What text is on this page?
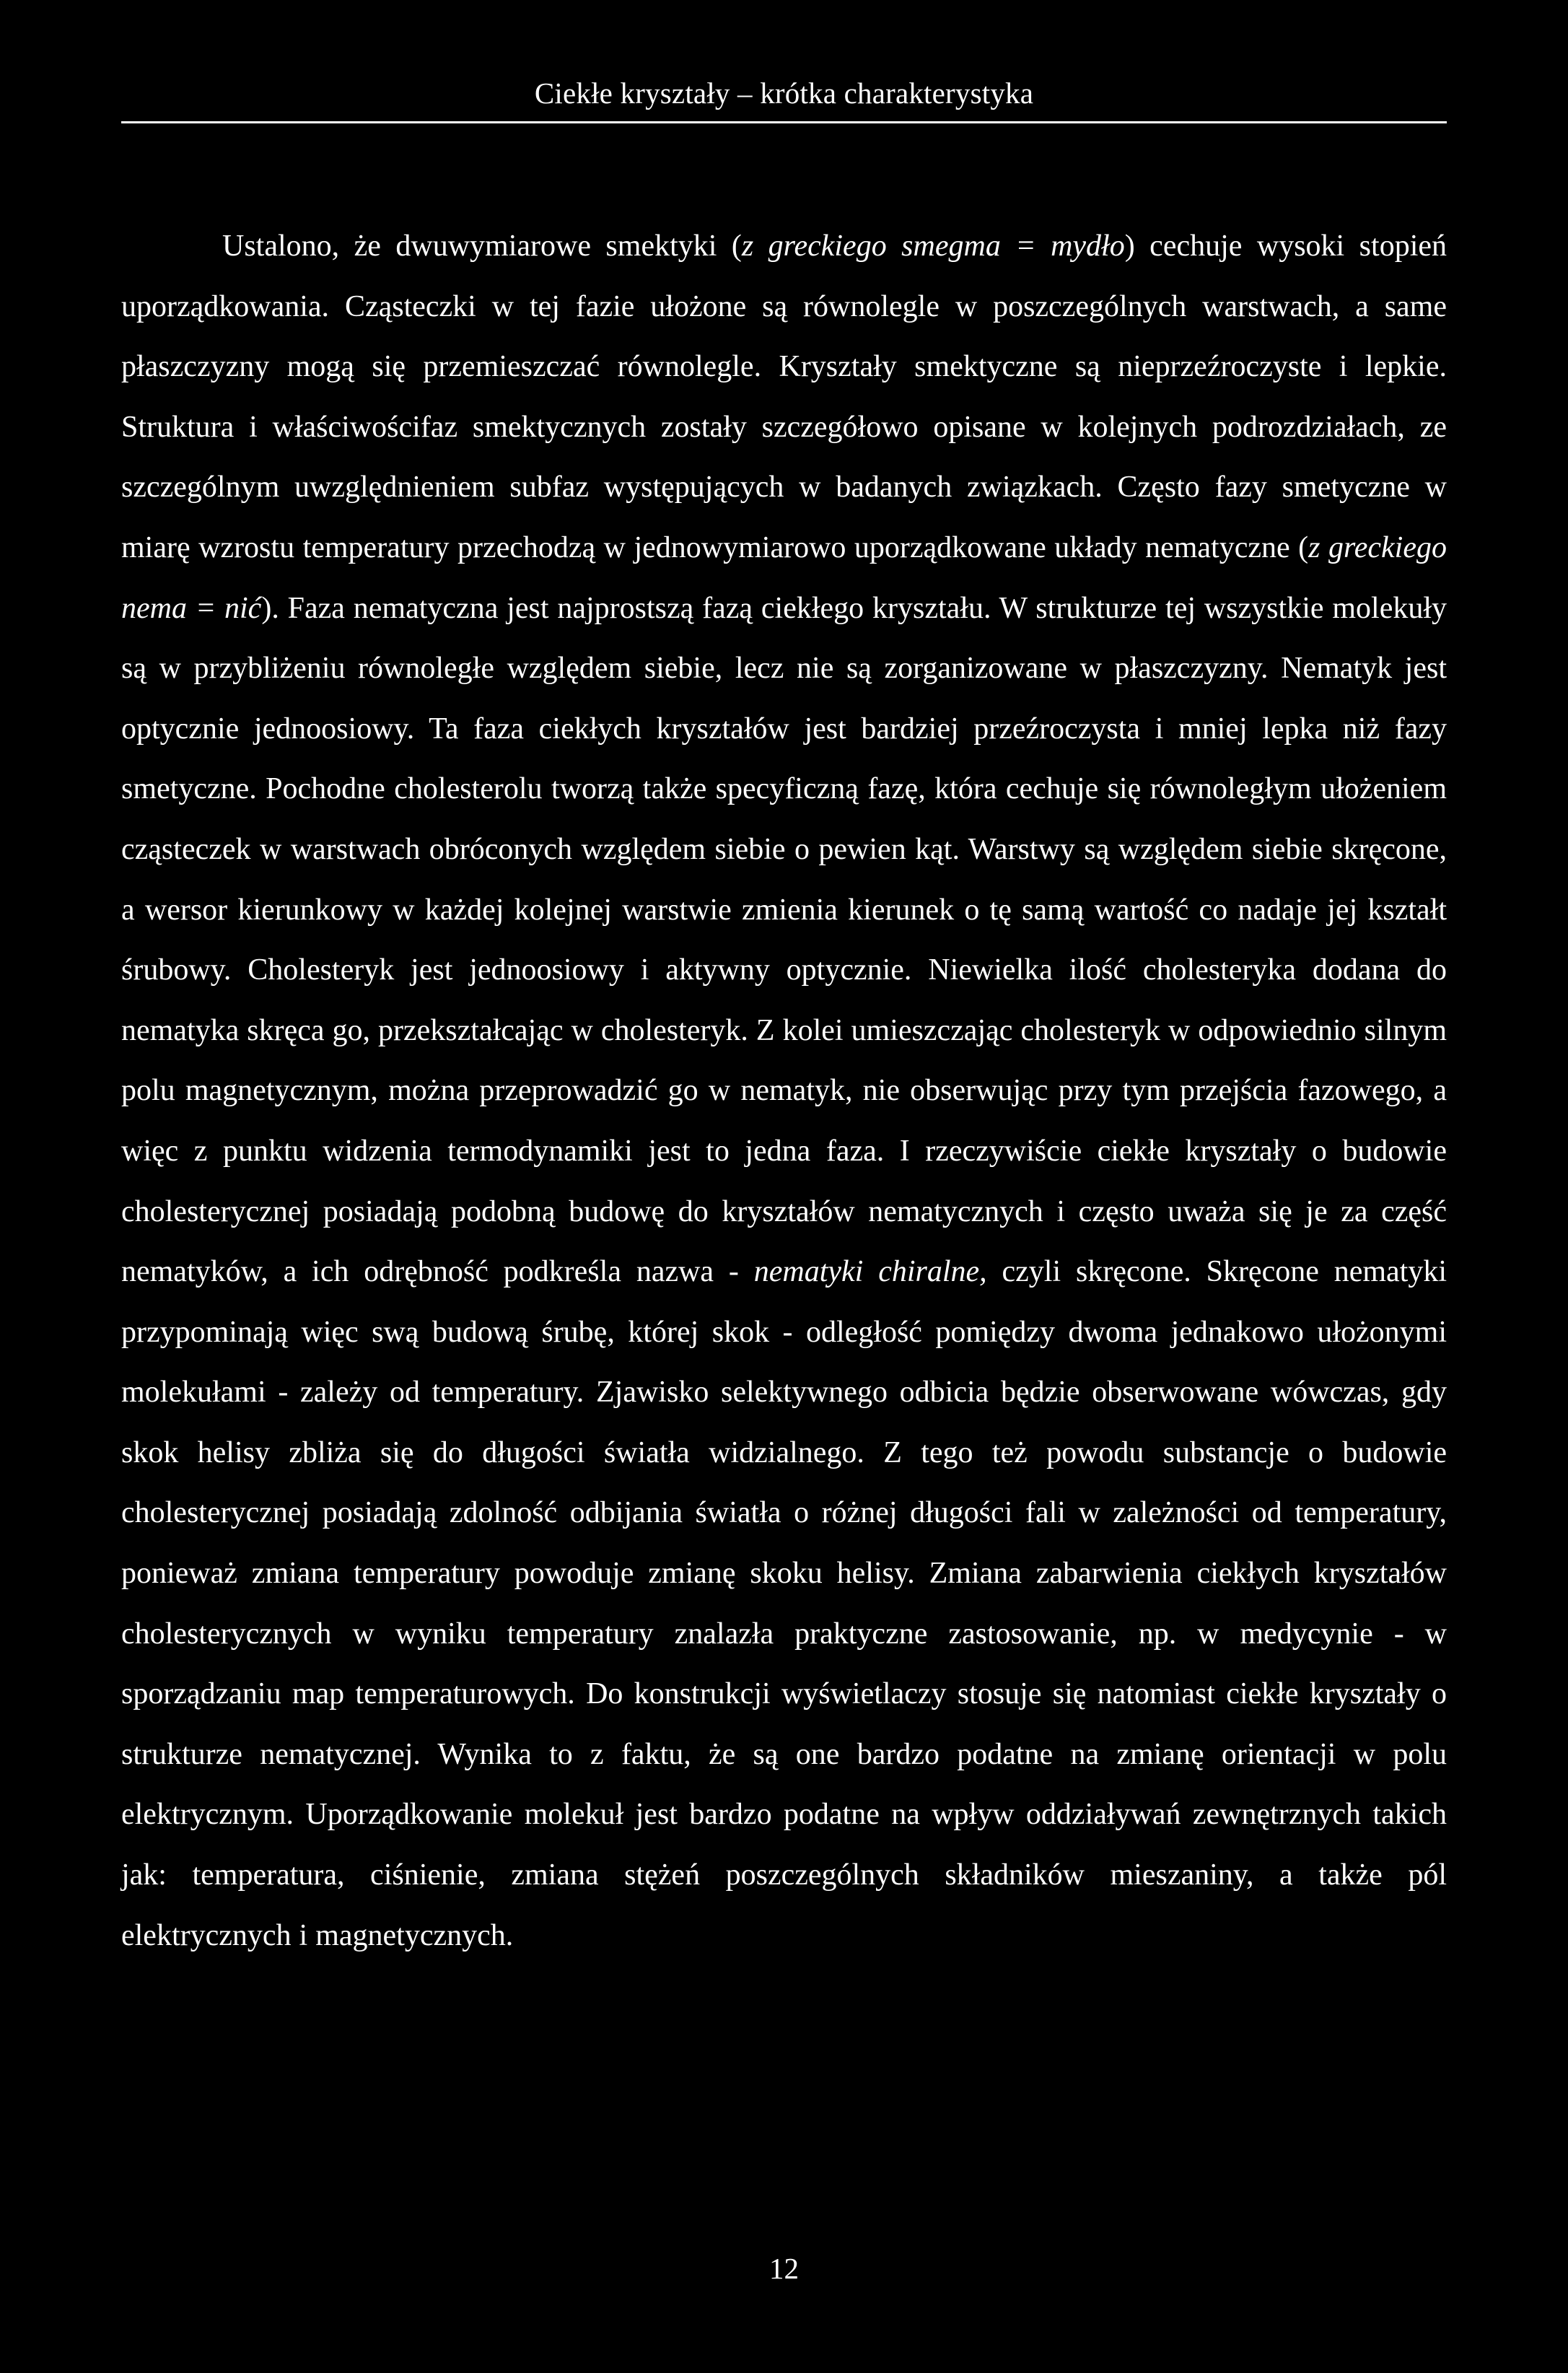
Ciekłe kryształy – krótka charakterystyka

Ustalono, że dwuwymiarowe smektyki (z greckiego smegma = mydło) cechuje wysoki stopień uporządkowania. Cząsteczki w tej fazie ułożone są równolegle w poszczególnych warstwach, a same płaszczyzny mogą się przemieszczać równolegle. Kryształy smektyczne są nieprzeźroczyste i lepkie. Struktura i właściwościfaz smektycznych zostały szczegółowo opisane w kolejnych podrozdziałach, ze szczególnym uwzględnieniem subfaz występujących w badanych związkach. Często fazy smetyczne w miarę wzrostu temperatury przechodzą w jednowymiarowo uporządkowane układy nematyczne (z greckiego nema = nić). Faza nematyczna jest najprostszą fazą ciekłego kryształu. W strukturze tej wszystkie molekuły są w przybliżeniu równoległe względem siebie, lecz nie są zorganizowane w płaszczyzny. Nematyk jest optycznie jednoosiowy. Ta faza ciekłych kryształów jest bardziej przeźroczysta i mniej lepka niż fazy smetyczne. Pochodne cholesterolu tworzą także specyficzną fazę, która cechuje się równoległym ułożeniem cząsteczek w warstwach obróconych względem siebie o pewien kąt. Warstwy są względem siebie skręcone, a wersor kierunkowy w każdej kolejnej warstwie zmienia kierunek o tę samą wartość co nadaje jej kształt śrubowy. Cholesteryk jest jednoosiowy i aktywny optycznie. Niewielka ilość cholesteryka dodana do nematyka skręca go, przekształcając w cholesteryk. Z kolei umieszczając cholesteryk w odpowiednio silnym polu magnetycznym, można przeprowadzić go w nematyk, nie obserwując przy tym przejścia fazowego, a więc z punktu widzenia termodynamiki jest to jedna faza. I rzeczywiście ciekłe kryształy o budowie cholesterycznej posiadają podobną budowę do kryształów nematycznych i często uważa się je za część nematyków, a ich odrębność podkreśla nazwa - nematyki chiralne, czyli skręcone. Skręcone nematyki przypominają więc swą budową śrubę, której skok - odległość pomiędzy dwoma jednakowo ułożonymi molekułami - zależy od temperatury. Zjawisko selektywnego odbicia będzie obserwowane wówczas, gdy skok helisy zbliża się do długości światła widzialnego. Z tego też powodu substancje o budowie cholesterycznej posiadają zdolność odbijania światła o różnej długości fali w zależności od temperatury, ponieważ zmiana temperatury powoduje zmianę skoku helisy. Zmiana zabarwienia ciekłych kryształów cholesterycznych w wyniku temperatury znalazła praktyczne zastosowanie, np. w medycynie - w sporządzaniu map temperaturowych. Do konstrukcji wyświetlaczy stosuje się natomiast ciekłe kryształy o strukturze nematycznej. Wynika to z faktu, że są one bardzo podatne na zmianę orientacji w polu elektrycznym. Uporządkowanie molekuł jest bardzo podatne na wpływ oddziaływań zewnętrznych takich jak: temperatura, ciśnienie, zmiana stężeń poszczególnych składników mieszaniny, a także pól elektrycznych i magnetycznych.

12
